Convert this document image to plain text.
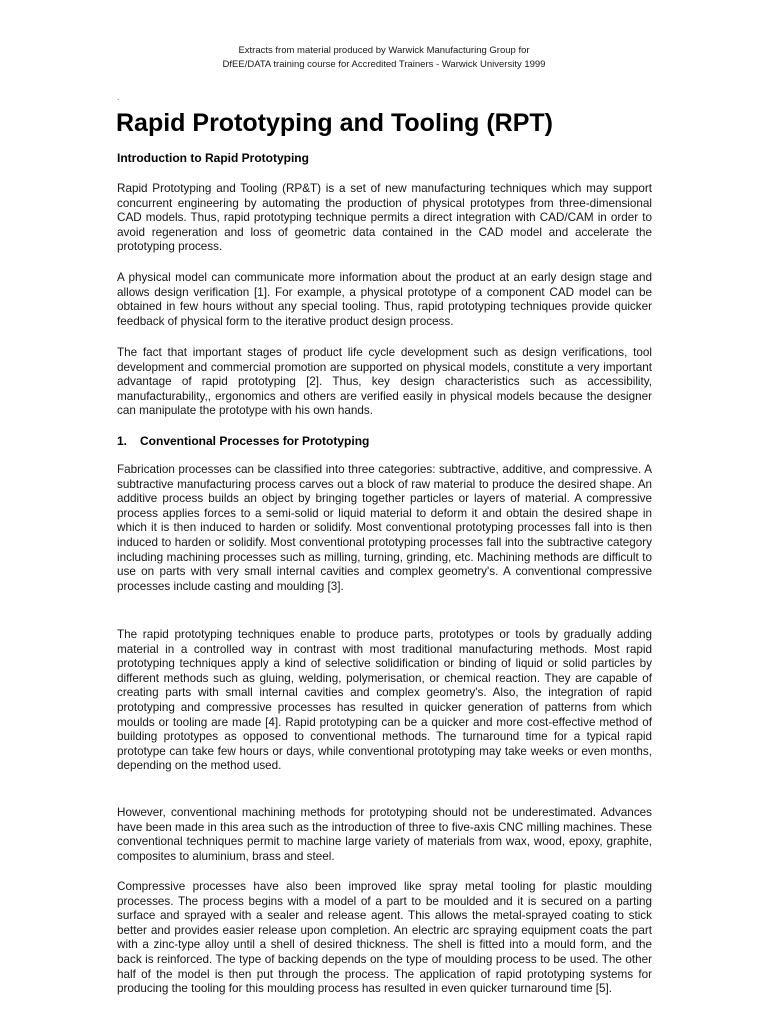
Extracts from material produced by Warwick Manufacturing Group for
DfEE/DATA training course for Accredited Trainers - Warwick University 1999
.
Rapid Prototyping and Tooling (RPT)
Introduction to Rapid Prototyping

Rapid Prototyping and Tooling (RP&T) is a set of new manufacturing techniques which may support concurrent engineering by automating the production of physical prototypes from three-dimensional CAD models. Thus, rapid prototyping technique permits a direct integration with CAD/CAM in order to avoid regeneration and loss of geometric data contained in the CAD model and accelerate the prototyping process.

A physical model can communicate more information about the product at an early design stage and allows design verification [1]. For example, a physical prototype of a component CAD model can be obtained in few hours without any special tooling. Thus, rapid prototyping techniques provide quicker feedback of physical form to the iterative product design process.

The fact that important stages of product life cycle development such as design verifications, tool development and commercial promotion are supported on physical models, constitute a very important advantage of rapid prototyping [2]. Thus, key design characteristics such as accessibility, manufacturability,, ergonomics and others are verified easily in physical models because the designer can manipulate the prototype with his own hands.

1. Conventional Processes for Prototyping

Fabrication processes can be classified into three categories: subtractive, additive, and compressive. A subtractive manufacturing process carves out a block of raw material to produce the desired shape. An additive process builds an object by bringing together particles or layers of material. A compressive process applies forces to a semi-solid or liquid material to deform it and obtain the desired shape in which it is then induced to harden or solidify. Most conventional prototyping processes fall into is then induced to harden or solidify. Most conventional prototyping processes fall into the subtractive category including machining processes such as milling, turning, grinding, etc. Machining methods are difficult to use on parts with very small internal cavities and complex geometry's. A conventional compressive processes include casting and moulding [3].

The rapid prototyping techniques enable to produce parts, prototypes or tools by gradually adding material in a controlled way in contrast with most traditional manufacturing methods. Most rapid prototyping techniques apply a kind of selective solidification or binding of liquid or solid particles by different methods such as gluing, welding, polymerisation, or chemical reaction. They are capable of creating parts with small internal cavities and complex geometry's. Also, the integration of rapid prototyping and compressive processes has resulted in quicker generation of patterns from which moulds or tooling are made [4]. Rapid prototyping can be a quicker and more cost-effective method of building prototypes as opposed to conventional methods. The turnaround time for a typical rapid prototype can take few hours or days, while conventional prototyping may take weeks or even months, depending on the method used.

However, conventional machining methods for prototyping should not be underestimated. Advances have been made in this area such as the introduction of three to five-axis CNC milling machines. These conventional techniques permit to machine large variety of materials from wax, wood, epoxy, graphite, composites to aluminium, brass and steel.

Compressive processes have also been improved like spray metal tooling for plastic moulding processes. The process begins with a model of a part to be moulded and it is secured on a parting surface and sprayed with a sealer and release agent. This allows the metal-sprayed coating to stick better and provides easier release upon completion. An electric arc spraying equipment coats the part with a zinc-type alloy until a shell of desired thickness. The shell is fitted into a mould form, and the back is reinforced. The type of backing depends on the type of moulding process to be used. The other half of the model is then put through the process. The application of rapid prototyping systems for producing the tooling for this moulding process has resulted in even quicker turnaround time [5].
